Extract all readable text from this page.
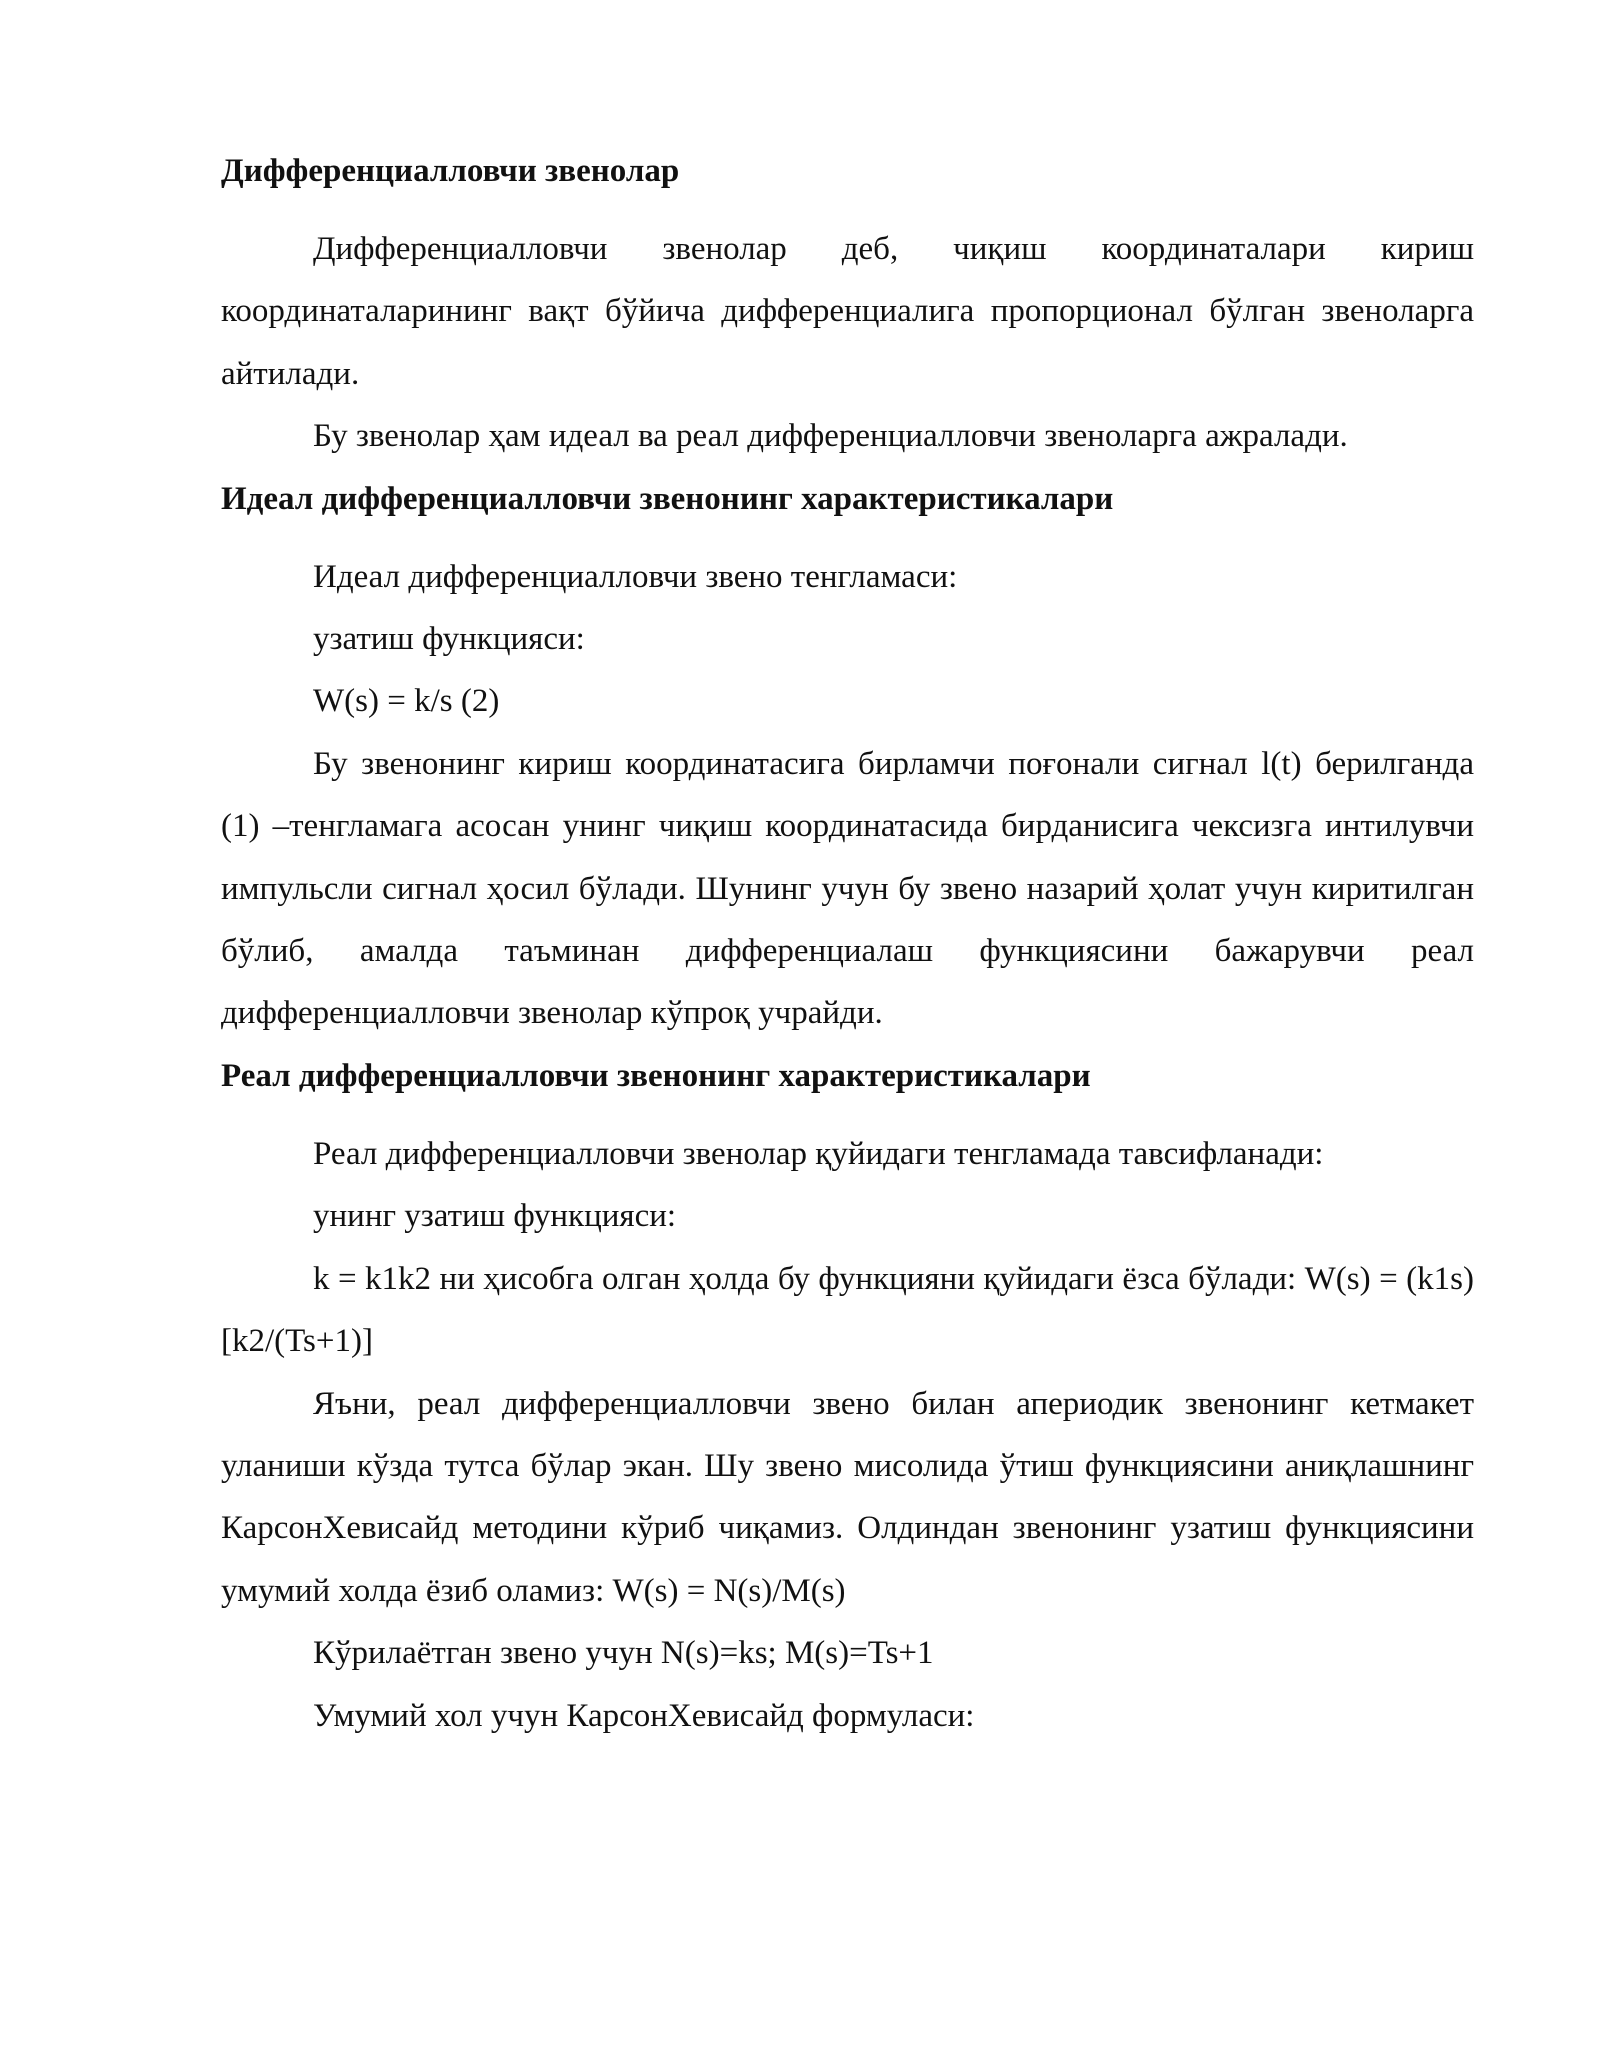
Дифференциалловчи звенолар

Дифференциалловчи звенолар деб, чиқиш координаталари кириш координаталарининг вақт бўйича дифференциалига пропорционал бўлган звеноларга айтилади.

Бу звенолар ҳам идеал ва реал дифференциалловчи звеноларга ажралади.

Идеал дифференциалловчи звенонинг характеристикалари

Идеал дифференциалловчи звено тенгламаси:

узатиш функцияси:

W(s) = k/s (2)

Бу звенонинг кириш координатасига бирламчи поғонали сигнал l(t) берилганда (1) –тенгламага асосан унинг чиқиш координатасида бирданисига чексизга интилувчи импульсли сигнал ҳосил бўлади. Шунинг учун бу звено назарий ҳолат учун киритилган бўлиб, амалда таъминан дифференциалаш функциясини бажарувчи реал дифференциалловчи звенолар кўпроқ учрайди.

Реал дифференциалловчи звенонинг характеристикалари

Реал дифференциалловчи звенолар қуйидаги тенгламада тавсифланади:

унинг узатиш функцияси:

k = k1k2 ни ҳисобга олган ҳолда бу функцияни қуйидаги ёзса бўлади: W(s) = (k1s)[k2/(Ts+1)]

Яъни, реал дифференциалловчи звено билан апериодик звенонинг кетмакет уланиши кўзда тутса бўлар экан. Шу звено мисолида ўтиш функциясини аниқлашнинг КарсонХевисайд методини кўриб чиқамиз. Олдиндан звенонинг узатиш функциясини умумий холда ёзиб оламиз: W(s) = N(s)/M(s)

Кўрилаётган звено учун N(s)=ks; M(s)=Ts+1

Умумий хол учун КарсонХевисайд формуласи:
